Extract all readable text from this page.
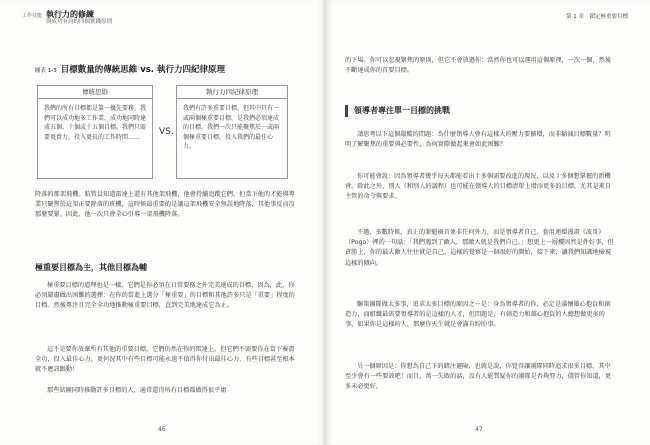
工作技能 執行力的修練
與成功有約的四個實踐原則
圖表 1-3 目標數量的傳統思維 vs. 執行力四紀律原理
傳統思維
我們的所有目標都是第一優先要務，我們可以成功地多工作業，成功地同時達成五個、十個或十五個目標。我們只需要更賣力，投入更長的工作時間……	VS.
執行力四紀律原理
我們有許多重要目標，但其中只有一或兩個極重要目標，是我們必須達成的目標。我們一次只能聚焦於一或兩個極重要目標，投入我們的最佳心力。
降落的那架飛機。航管員知道雷達上還有其他架飛機，他會持續追蹤它們，但當下他的才能與專業只聚焦於這架正要降落的班機，這時候最重要的是讓這架飛機安全無誤地降落，其他事反而沒那麼要緊。因此，他一次只會全心引導一架飛機降落。
極重要目標為主，其他目標為輔
極重要目標的道理也是一樣。它們是你必須在日常要務之外完美達成的目標，因為，此，你必須嚴肅做出困難的選擇：在你的當進上選分「極重要」的目標和其他許多只是「重要」程度的目標。然後專注且完全全功地推動極重要目標，直到完美地達成它為止。
這不是要你放棄所有其他的重要目標，它們仍然在你的雷達上，但它們不需要你在當下奏盡全功，投入最佳心力。更何況其中有些目標可能永遠不值得你付出最佳心力，有些目標甚至根本就不應該跟動！
那些試圖同時推動許多目標的人，通常還得所有目標都做得很平庸
46
第 1 章　鎖定極重要目標
的下場。你可以忽視緊焦的原則，但它不會放過你：當然你也可以運用這個原理，一次一個，然後不斷達成你的首要目標。
領導者專注單一目標的挑戰
請思考以下這個嚴酷的問題：為什麼領導人會有這樣大的壓力要擴增，而非縮減目標數量？明明了解聚焦的重要與必要性，為何實際做起來會如此困難？
你可能會說：因為領導者幾乎每天都能看出十多個需要改進的現況，以及十多個想掌握的新機會。除此之外，別人（和別人的議程）也可能在領導人的目標清單上增添更多的目標，尤其是來自主管的命令與要求。
不過，多數時候，真正的罪魁禍首並非任何外力，而是領導者自己。套用連環漫畫《波哥》（Pogo）裡的一句話：「我們遇到了敵人，那敵人就是我們自己。」想更上一層樓固然是件好事，但貪勝上，你的最大敵人往往就是自己，這樣的覺察是一個很好的開始，接下來，讓我們知識地檢視這樣的傾向。
驅策團隊做太多事，追求太多目標的原因之一是：身為領導者的你，必定是滿懷雄心抱負和創造力，而組織最需要領導者的是這樣的人才，但問題是，有創造力和雄心抱負的人總想做更多的事，如果你是這樣的人，那麼你天生就是會滿肯盼盼事。
另一個原因是：你想為自己下的賭注避險，也就是說，你覺得讓團隊同時追求很多目標，其中至少會有一些要效吧！而且，萬一失敗的話，沒有人能質疑你的團隊是否夠努力，儘管你知道，更多未必更好，
47
